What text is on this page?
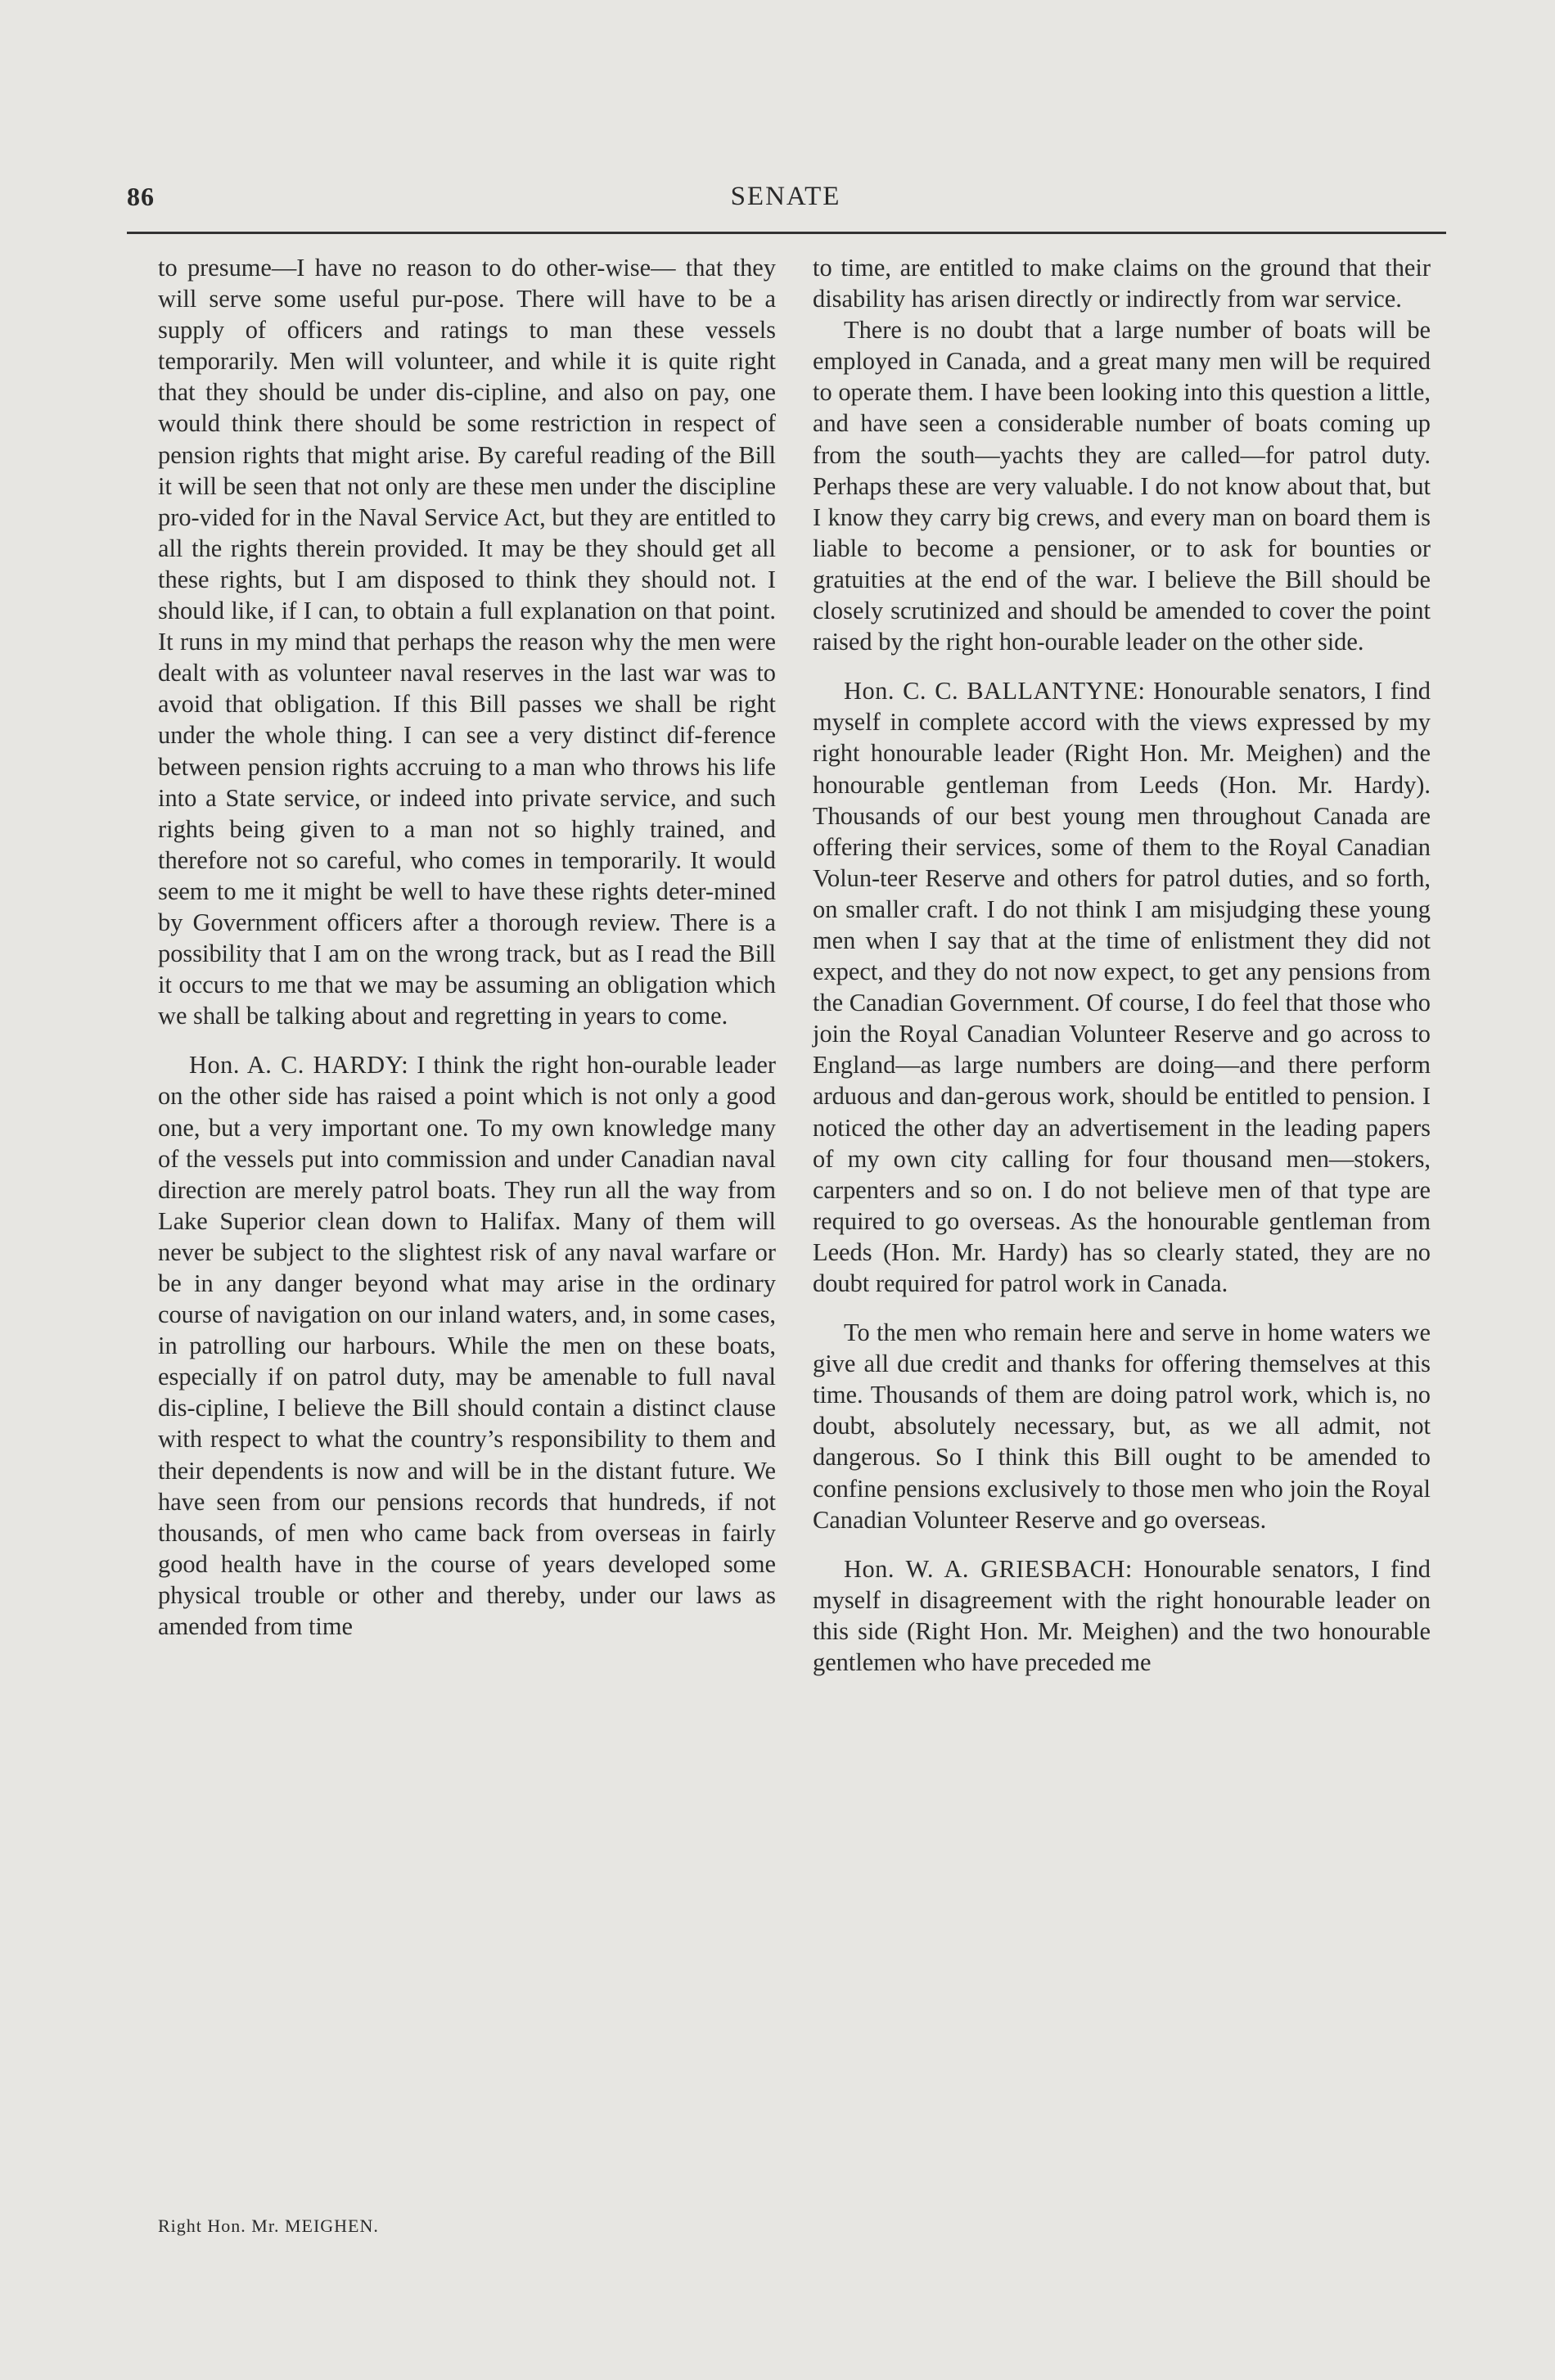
86	SENATE

to presume—I have no reason to do other-wise— that they will serve some useful pur-pose. There will have to be a supply of officers and ratings to man these vessels temporarily. Men will volunteer, and while it is quite right that they should be under dis-cipline, and also on pay, one would think there should be some restriction in respect of pension rights that might arise. By careful reading of the Bill it will be seen that not only are these men under the discipline pro-vided for in the Naval Service Act, but they are entitled to all the rights therein provided. It may be they should get all these rights, but I am disposed to think they should not. I should like, if I can, to obtain a full explanation on that point. It runs in my mind that perhaps the reason why the men were dealt with as volunteer naval reserves in the last war was to avoid that obligation. If this Bill passes we shall be right under the whole thing. I can see a very distinct dif-ference between pension rights accruing to a man who throws his life into a State service, or indeed into private service, and such rights being given to a man not so highly trained, and therefore not so careful, who comes in temporarily. It would seem to me it might be well to have these rights deter-mined by Government officers after a thorough review. There is a possibility that I am on the wrong track, but as I read the Bill it occurs to me that we may be assuming an obligation which we shall be talking about and regretting in years to come.

Hon. A. C. HARDY: I think the right hon-ourable leader on the other side has raised a point which is not only a good one, but a very important one. To my own knowledge many of the vessels put into commission and under Canadian naval direction are merely patrol boats. They run all the way from Lake Superior clean down to Halifax. Many of them will never be subject to the slightest risk of any naval warfare or be in any danger beyond what may arise in the ordinary course of navigation on our inland waters, and, in some cases, in patrolling our harbours. While the men on these boats, especially if on patrol duty, may be amenable to full naval dis-cipline, I believe the Bill should contain a distinct clause with respect to what the country’s responsibility to them and their dependents is now and will be in the distant future. We have seen from our pensions records that hundreds, if not thousands, of men who came back from overseas in fairly good health have in the course of years developed some physical trouble or other and thereby, under our laws as amended from time

to time, are entitled to make claims on the ground that their disability has arisen directly or indirectly from war service.

There is no doubt that a large number of boats will be employed in Canada, and a great many men will be required to operate them. I have been looking into this question a little, and have seen a considerable number of boats coming up from the south—yachts they are called—for patrol duty. Perhaps these are very valuable. I do not know about that, but I know they carry big crews, and every man on board them is liable to become a pensioner, or to ask for bounties or gratuities at the end of the war. I believe the Bill should be closely scrutinized and should be amended to cover the point raised by the right hon-ourable leader on the other side.

Hon. C. C. BALLANTYNE: Honourable senators, I find myself in complete accord with the views expressed by my right honourable leader (Right Hon. Mr. Meighen) and the honourable gentleman from Leeds (Hon. Mr. Hardy). Thousands of our best young men throughout Canada are offering their services, some of them to the Royal Canadian Volun-teer Reserve and others for patrol duties, and so forth, on smaller craft. I do not think I am misjudging these young men when I say that at the time of enlistment they did not expect, and they do not now expect, to get any pensions from the Canadian Government. Of course, I do feel that those who join the Royal Canadian Volunteer Reserve and go across to England—as large numbers are doing—and there perform arduous and dan-gerous work, should be entitled to pension. I noticed the other day an advertisement in the leading papers of my own city calling for four thousand men—stokers, carpenters and so on. I do not believe men of that type are required to go overseas. As the honourable gentleman from Leeds (Hon. Mr. Hardy) has so clearly stated, they are no doubt required for patrol work in Canada.

To the men who remain here and serve in home waters we give all due credit and thanks for offering themselves at this time. Thousands of them are doing patrol work, which is, no doubt, absolutely necessary, but, as we all admit, not dangerous. So I think this Bill ought to be amended to confine pensions exclusively to those men who join the Royal Canadian Volunteer Reserve and go overseas.

Hon. W. A. GRIESBACH: Honourable senators, I find myself in disagreement with the right honourable leader on this side (Right Hon. Mr. Meighen) and the two honourable gentlemen who have preceded me

Right Hon. Mr. MEIGHEN.
